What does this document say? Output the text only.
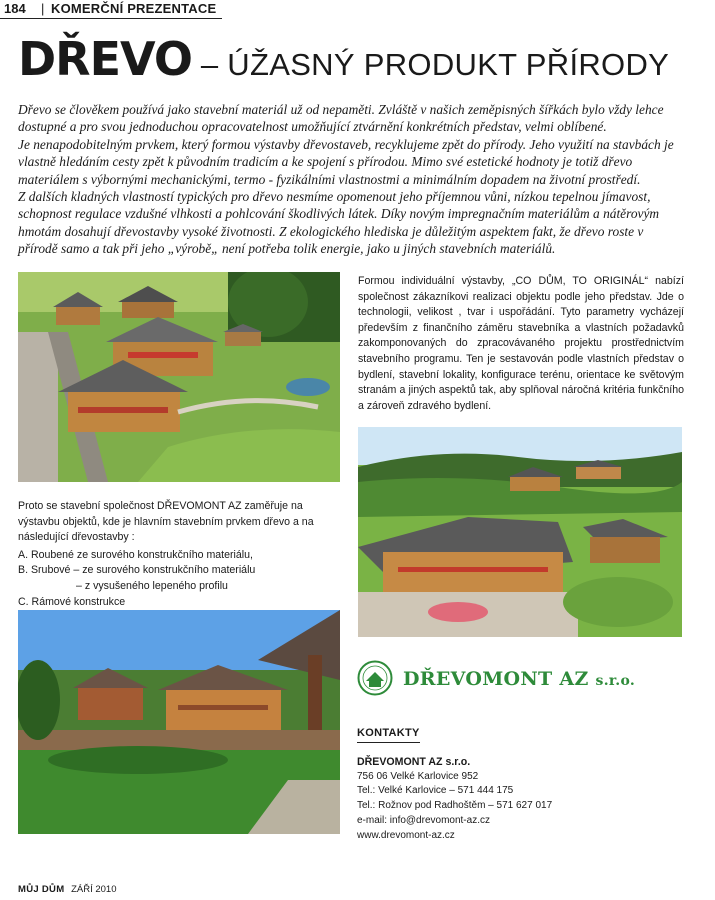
184 | KOMERČNÍ PREZENTACE
DŘEVO – ÚŽASNÝ PRODUKT PŘÍRODY

Dřevo se člověkem používá jako stavební materiál už od nepaměti. Zvláště v našich zeměpisných šířkách bylo vždy lehce dostupné a pro svou jednoduchou opracovatelnost umožňující ztvárnění konkrétních představ, velmi oblíbené.

Je nenapodobitelným prvkem, který formou výstavby dřevostaveb, recyklujeme zpět do přírody. Jeho využití na stavbách je vlastně hledáním cesty zpět k původním tradicím a ke spojení s přírodou. Mimo své estetické hodnoty je totiž dřevo materiálem s výbornými mechanickými, termo - fyzikálními vlastnostmi a minimálním dopadem na životní prostředí.

Z dalších kladných vlastností typických pro dřevo nesmíme opomenout jeho příjemnou vůni, nízkou tepelnou jímavost, schopnost regulace vzdušné vlhkosti a pohlcování škodlivých látek. Díky novým impregnačním materiálům a nátěrovým hmotám dosahují dřevostavby vysoké životnosti. Z ekologického hlediska je důležitým aspektem fakt, že dřevo roste v přírodě samo a tak při jeho „výrobě„ není potřeba tolik energie, jako u jiných stavebních materiálů.

Formou individuální výstavby, „CO DŮM, TO ORIGINÁL“ nabízí společnost zákazníkovi realizaci objektu podle jeho představ. Jde o technologii, velikost , tvar i uspořádání. Tyto parametry vycházejí především z finančního záměru stavebníka a vlastních požadavků zakomponovaných do zpracovávaného projektu prostřednictvím stavebního programu. Ten je sestavován podle vlastních představ o bydlení, stavební lokality, konfigurace terénu, orientace ke světovým stranám a jiných aspektů tak, aby splňoval náročná kritéria funkčního a zároveň zdravého bydlení.

Proto se stavební společnost DŘEVOMONT AZ zaměřuje na výstavbu objektů, kde je hlavním stavebním prvkem dřevo a na následující dřevostavby :

A. Roubené ze surového konstrukčního materiálu,

B. Srubové – ze surového konstrukčního materiálu

– z vysušeného lepeného profilu

C. Rámové konstrukce

DŘEVOMONT AZ s.r.o.
KONTAKTY
DŘEVOMONT AZ s.r.o.
756 06 Velké Karlovice 952
Tel.: Velké Karlovice – 571 444 175
Tel.: Rožnov pod Radhoštěm – 571 627 017
e-mail: info@drevomont-az.cz
www.drevomont-az.cz
MŮJ DŮM ZÁŘÍ 2010
